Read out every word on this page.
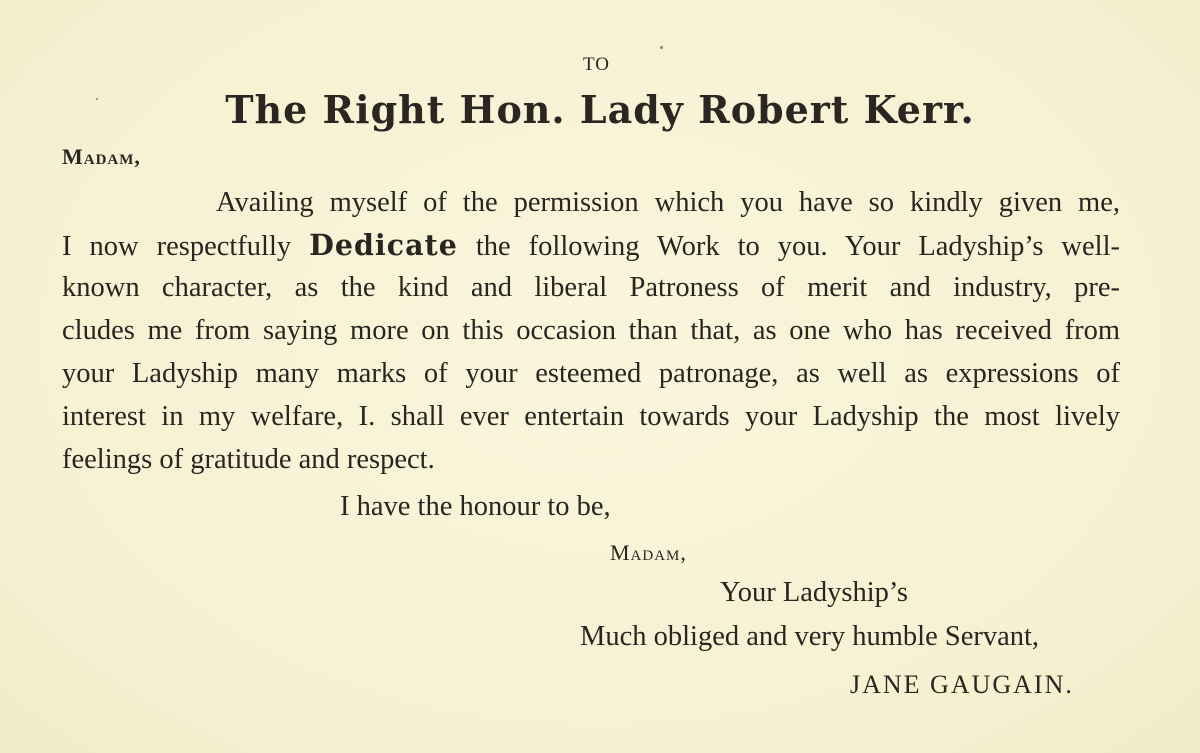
TO
The Right Hon. Lady Robert Kerr.
Madam,
Availing myself of the permission which you have so kindly given me,
I now respectfully Dedicate the following Work to you. Your Ladyship’s well-
known character, as the kind and liberal Patroness of merit and industry, pre-
cludes me from saying more on this occasion than that, as one who has received from
your Ladyship many marks of your esteemed patronage, as well as expressions of
interest in my welfare, I. shall ever entertain towards your Ladyship the most lively
feelings of gratitude and respect.
I have the honour to be,
Madam,
Your Ladyship’s
Much obliged and very humble Servant,
JANE GAUGAIN.
